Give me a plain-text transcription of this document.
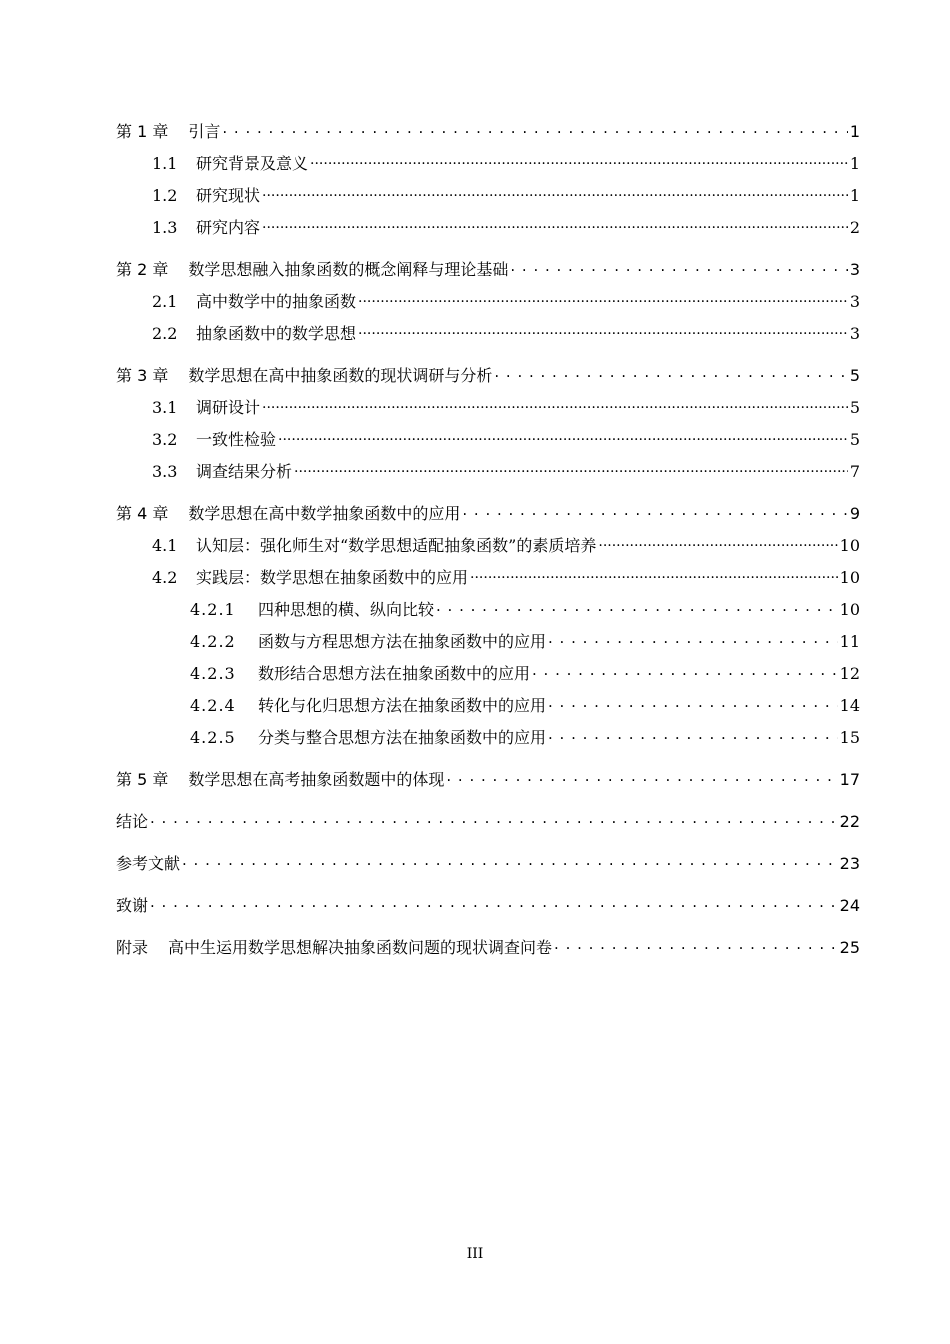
第 1 章 引言 . . .	1
1.1	研究背景及意义 .....	1
1.2	研究现状 .....	1
1.3	研究内容 .....	2
第 2 章 数学思想融入抽象函数的概念阐释与理论基础 . . .	3
2.1	高中数学中的抽象函数 .....	3
2.2	抽象函数中的数学思想 .....	3
第 3 章 数学思想在高中抽象函数的现状调研与分析 . . .	5
3.1	调研设计 .....	5
3.2	一致性检验 .....	5
3.3	调查结果分析 .....	7
第 4 章 数学思想在高中数学抽象函数中的应用 . . .	9
4.1	认知层：强化师生对“数学思想适配抽象函数”的素质培养 .....	10
4.2	实践层：数学思想在抽象函数中的应用 .....	10
4.2.1	四种思想的横、纵向比较 . . .	10
4.2.2	函数与方程思想方法在抽象函数中的应用 . . .	11
4.2.3	数形结合思想方法在抽象函数中的应用 . . .	12
4.2.4	转化与化归思想方法在抽象函数中的应用 . . .	14
4.2.5	分类与整合思想方法在抽象函数中的应用 . . .	15
第 5 章 数学思想在高考抽象函数题中的体现 . . .	17
结论 . . .	22
参考文献 . . .	23
致谢 . . .	24
附录 高中生运用数学思想解决抽象函数问题的现状调查问卷 . . .	25
III
